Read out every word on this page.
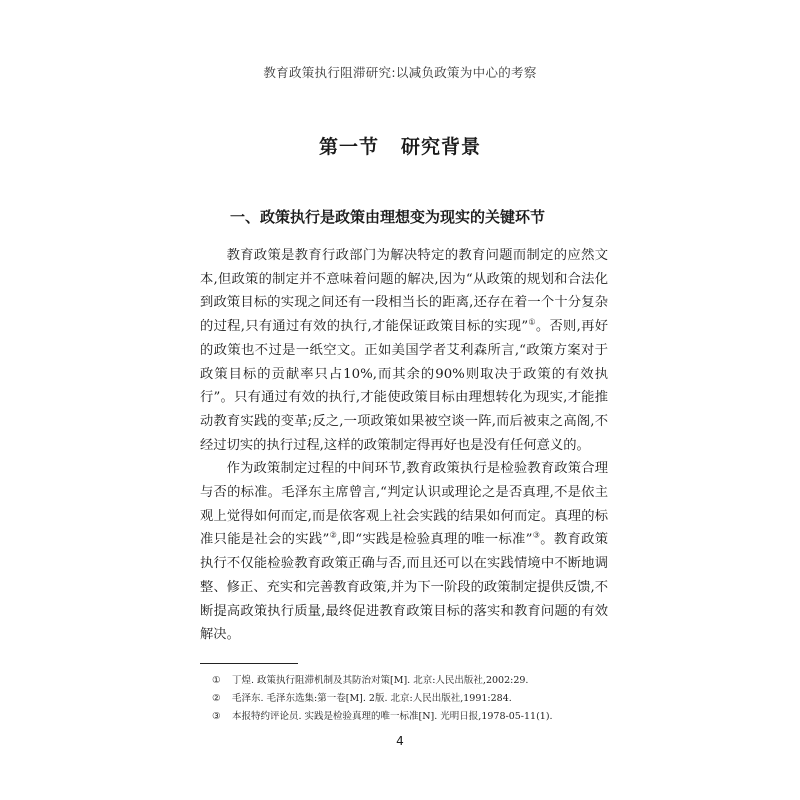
教育政策执行阻滞研究:以减负政策为中心的考察
第一节 研究背景
一、政策执行是政策由理想变为现实的关键环节

教育政策是教育行政部门为解决特定的教育问题而制定的应然文本,但政策的制定并不意味着问题的解决,因为“从政策的规划和合法化到政策目标的实现之间还有一段相当长的距离,还存在着一个十分复杂的过程,只有通过有效的执行,才能保证政策目标的实现”①。否则,再好的政策也不过是一纸空文。正如美国学者艾利森所言,“政策方案对于政策目标的贡献率只占10%,而其余的90%则取决于政策的有效执行”。只有通过有效的执行,才能使政策目标由理想转化为现实,才能推动教育实践的变革;反之,一项政策如果被空谈一阵,而后被束之高阁,不经过切实的执行过程,这样的政策制定得再好也是没有任何意义的。

作为政策制定过程的中间环节,教育政策执行是检验教育政策合理与否的标准。毛泽东主席曾言,“判定认识或理论之是否真理,不是依主观上觉得如何而定,而是依客观上社会实践的结果如何而定。真理的标准只能是社会的实践”②,即“实践是检验真理的唯一标准”③。教育政策执行不仅能检验教育政策正确与否,而且还可以在实践情境中不断地调整、修正、充实和完善教育政策,并为下一阶段的政策制定提供反馈,不断提高政策执行质量,最终促进教育政策目标的落实和教育问题的有效解决。

①	丁煌. 政策执行阻滞机制及其防治对策[M]. 北京:人民出版社,2002:29.
②	毛泽东. 毛泽东选集:第一卷[M]. 2版. 北京:人民出版社,1991:284.
③	本报特约评论员. 实践是检验真理的唯一标准[N]. 光明日报,1978-05-11(1).
4
